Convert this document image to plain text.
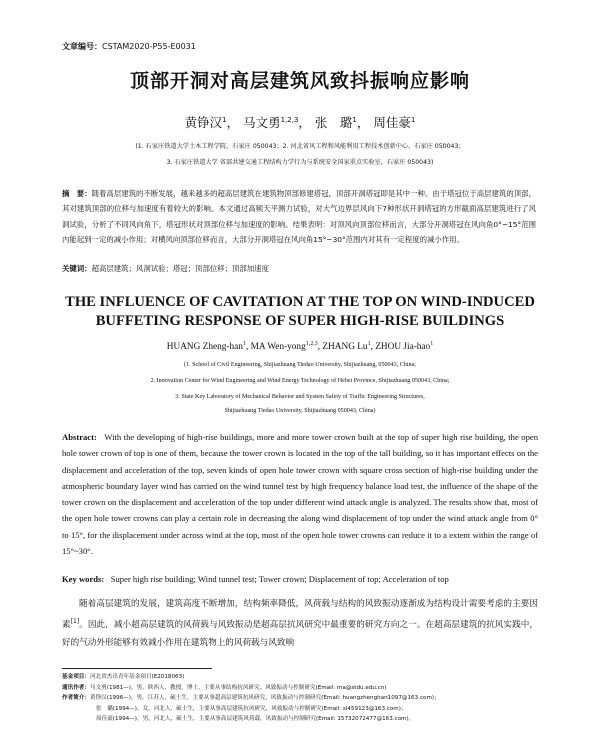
文章编号：CSTAM2020-P55-E0031
顶部开洞对高层建筑风致抖振响应影响
黄铮汉$^1$， 马文勇$^{1,2,3}$， 张　璐$^1$， 周佳豪$^1$
(1. 石家庄铁道大学土木工程学院，石家庄 050043；2. 河北省风工程和风能利用工程技术创新中心，石家庄 050043；
3. 石家庄铁道大学 省部共建交通工程结构力学行为与系统安全国家重点实验室，石家庄 050043)
摘　要：随着高层建筑的不断发展，越来越多的超高层建筑在建筑物顶部修建塔冠，顶部开洞塔冠即是其中一种。由于塔冠位于高层建筑的顶部，其对建筑顶部的位移与加速度有着较大的影响。本文通过高频天平测力试验，对大气边界层风向下7种形状开洞塔冠的方形截面高层建筑进行了风洞试验，分析了不同风向角下，塔冠形状对顶部位移与加速度的影响。结果表明：对顶风向顶部位移而言，大部分开洞塔冠在风向角0°~15°范围内能起到一定的减小作用；对横风向顶部位移而言，大部分开洞塔冠在风向角15°~30°范围内对其有一定程度的减小作用。
关键词：超高层建筑；风洞试验；塔冠；顶部位移；顶部加速度
THE INFLUENCE OF CAVITATION AT THE TOP ON WIND-INDUCED
BUFFETING RESPONSE OF SUPER HIGH-RISE BUILDINGS
HUANG Zheng-han$^1$, MA Wen-yong$^{1,2,3}$, ZHANG Lu$^1$, ZHOU Jia-hao$^1$
(1. School of Civil Engineering, Shijiazhuang Tiedao University, Shijiazhuang, 050043, China;
2. Innovation Center for Wind Engineering and Wind Energy Technology of Hebei Province, Shijiazhuang 050043, China;
3. State Key Laboratory of Mechanical Behavior and System Safety of Traffic Engineering Structures,
Shijiazhuang Tiedao University, Shijiazhuang 050043, China)
Abstract: With the developing of high-rise buildings, more and more tower crown built at the top of super high rise building, the open hole tower crown of top is one of them, because the tower crown is located in the top of the tall building, so it has important effects on the displacement and acceleration of the top, seven kinds of open hole tower crown with square cross section of high-rise building under the atmospheric boundary layer wind has carried on the wind tunnel test by high frequency balance load test, the influence of the shape of the tower crown on the displacement and acceleration of the top under different wind attack angle is analyzed. The results show that, most of the open hole tower crowns can play a certain role in decreasing the along wind displacement of top under the wind attack angle from 0° to 15°, for the displacement under across wind at the top, most of the open hole tower crowns can reduce it to a extent within the range of 15°~30°.
Key words: Super high rise building; Wind tunnel test; Tower crown; Displacement of top; Acceleration of top
随着高层建筑的发展，建筑高度不断增加，结构频率降低，风荷载与结构的风致振动逐渐成为结构设计需要考虑的主要因素[1]。因此，减小超高层建筑的风荷载与风致振动是超高层抗风研究中最重要的研究方向之一。在超高层建筑的抗风实践中，好的气动外形能够有效减小作用在建筑物上的风荷载与风致响
基金项目：河北省杰出青年基金项目(E2018063)
通讯作者：马文勇(1981—)，男，陕西人，教授，博士，主要从事结构抗风研究、风致振动与控制研究(Email: ma@stdu.edu.cn)
作者简介：黄铮汉(1996—)，男，江苏人，硕士生，主要从事超高层建筑抗风研究，风致振动与控制研究(Email: huangzhenghan1097@163.com)；
张　璐(1994—)，女，河北人，硕士生，主要从事高层建筑抗风研究，风致振动与控制研究(Email: sl459123@163.com)；
周佳豪(1994—)，男，河北人，硕士生，主要从事高层建筑风荷载，风致振动与控制研究(Email: 15732072477@163.com)。
